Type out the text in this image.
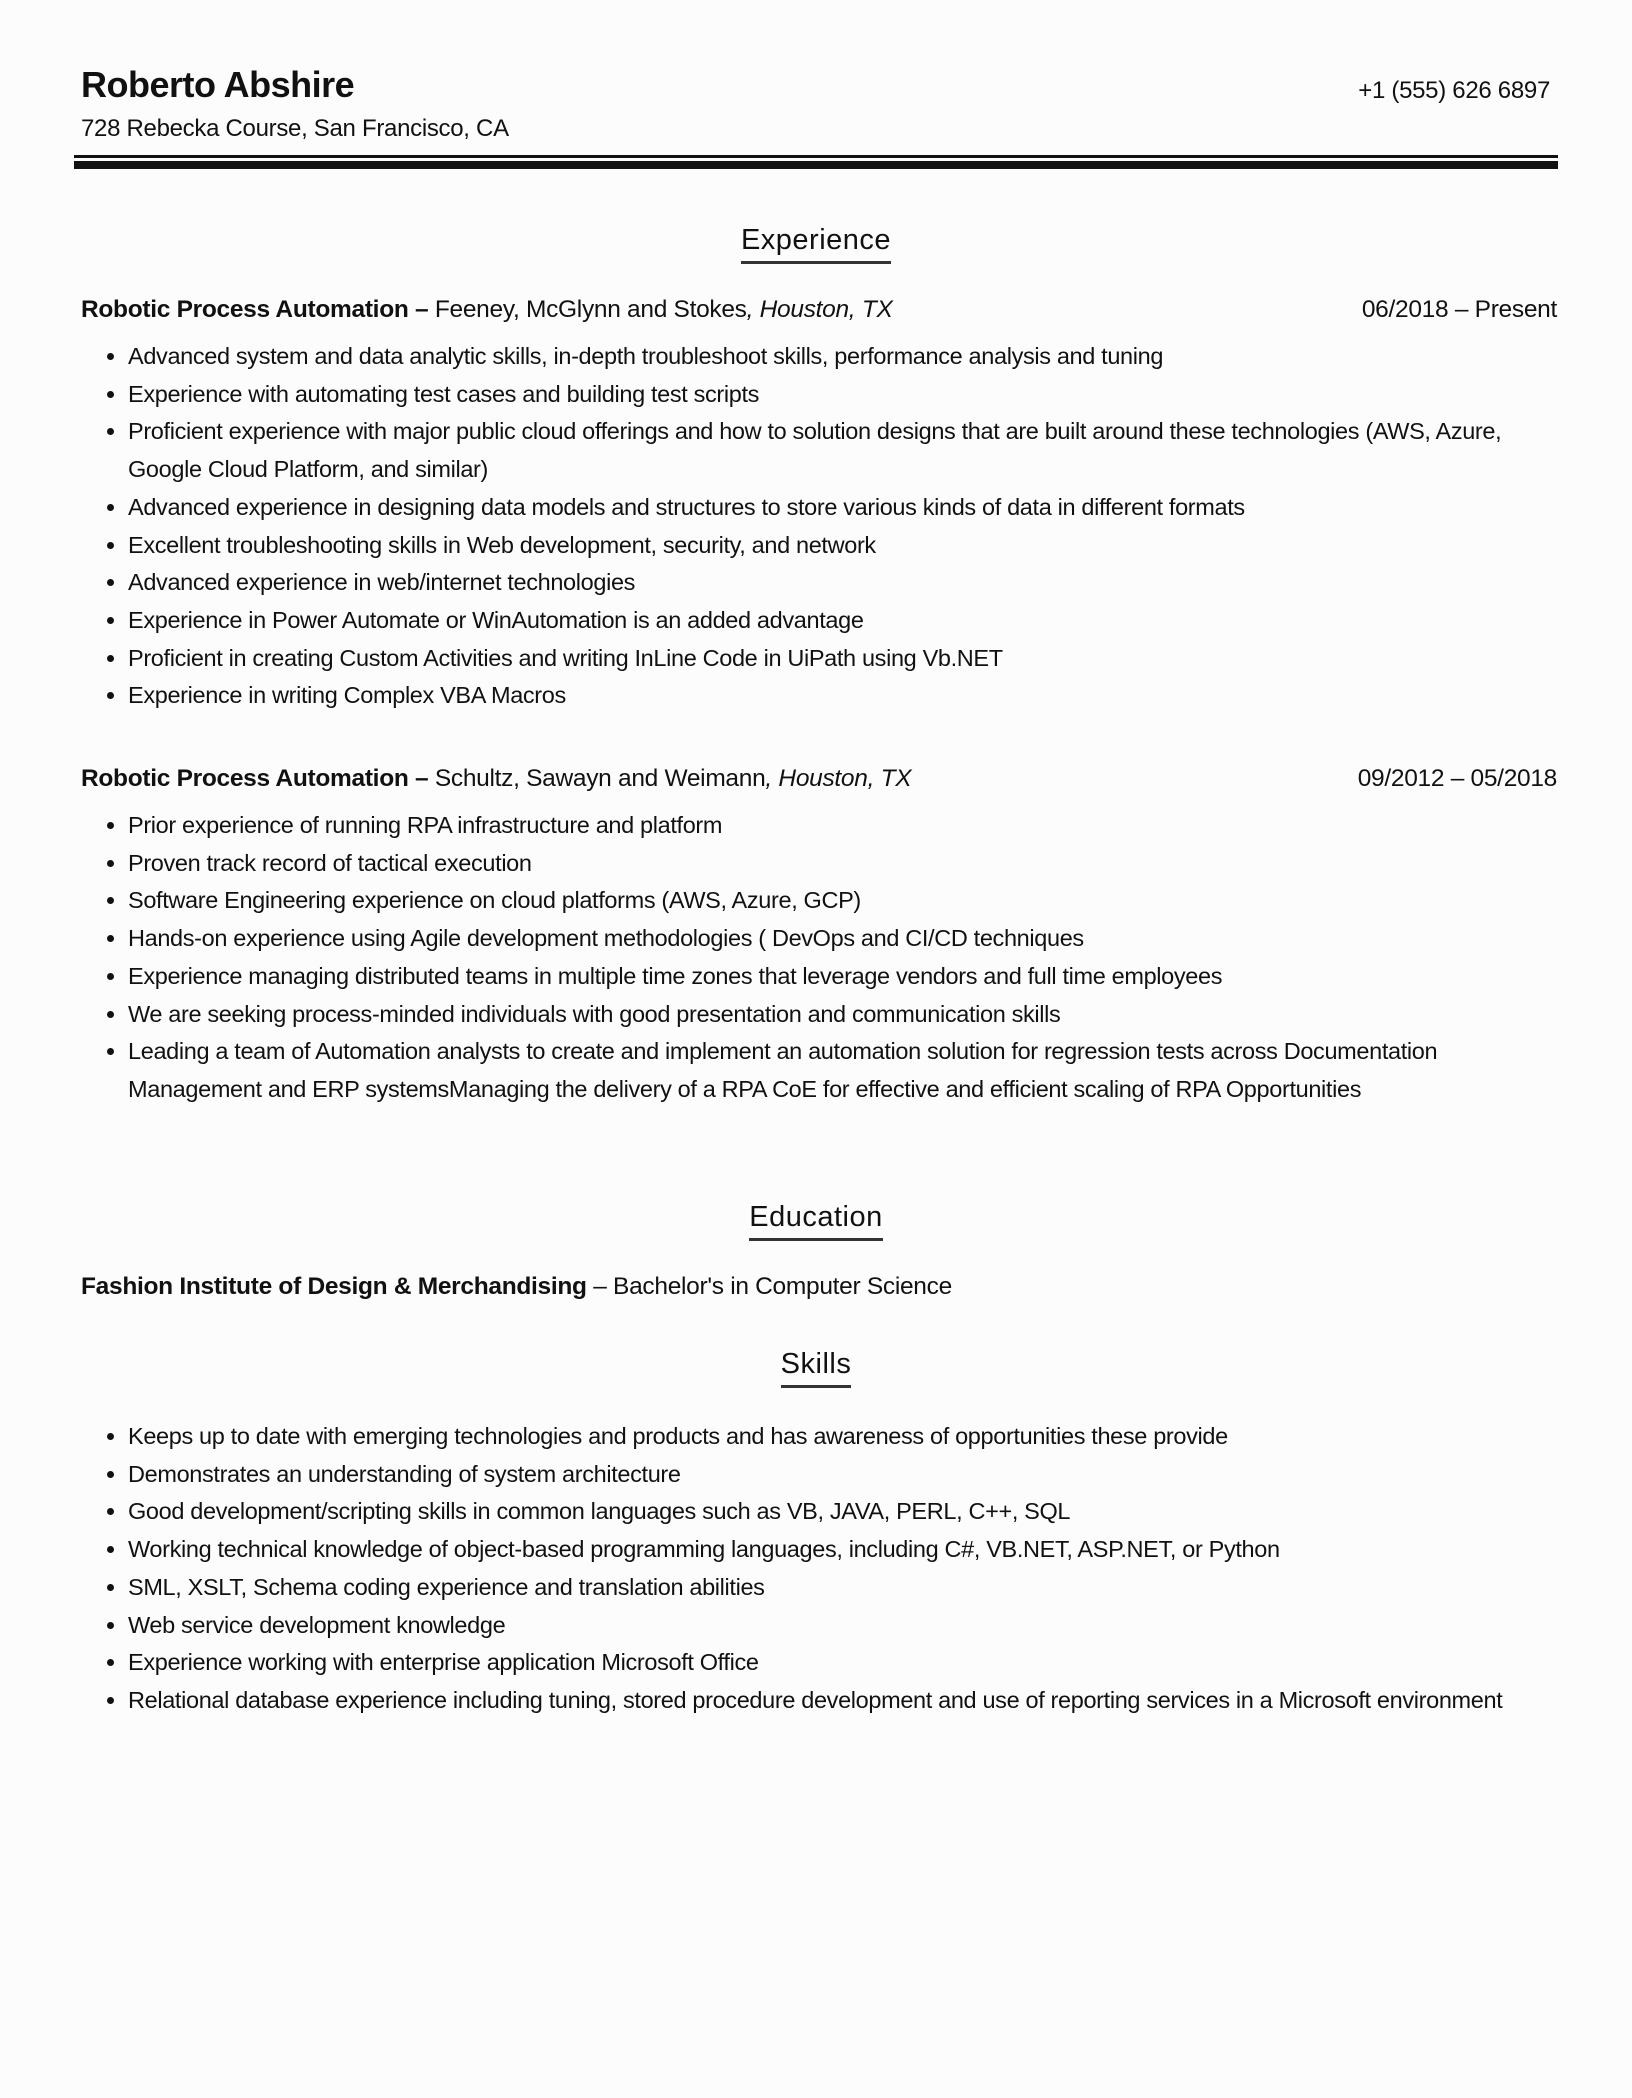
Roberto Abshire
728 Rebecka Course, San Francisco, CA
+1 (555) 626 6897
Experience
Robotic Process Automation – Feeney, McGlynn and Stokes, Houston, TX	06/2018 – Present
• Advanced system and data analytic skills, in-depth troubleshoot skills, performance analysis and tuning
• Experience with automating test cases and building test scripts
• Proficient experience with major public cloud offerings and how to solution designs that are built around these technologies (AWS, Azure, Google Cloud Platform, and similar)
• Advanced experience in designing data models and structures to store various kinds of data in different formats
• Excellent troubleshooting skills in Web development, security, and network
• Advanced experience in web/internet technologies
• Experience in Power Automate or WinAutomation is an added advantage
• Proficient in creating Custom Activities and writing InLine Code in UiPath using Vb.NET
• Experience in writing Complex VBA Macros
Robotic Process Automation – Schultz, Sawayn and Weimann, Houston, TX	09/2012 – 05/2018
• Prior experience of running RPA infrastructure and platform
• Proven track record of tactical execution
• Software Engineering experience on cloud platforms (AWS, Azure, GCP)
• Hands-on experience using Agile development methodologies ( DevOps and CI/CD techniques
• Experience managing distributed teams in multiple time zones that leverage vendors and full time employees
• We are seeking process-minded individuals with good presentation and communication skills
• Leading a team of Automation analysts to create and implement an automation solution for regression tests across Documentation Management and ERP systemsManaging the delivery of a RPA CoE for effective and efficient scaling of RPA Opportunities
Education
Fashion Institute of Design & Merchandising – Bachelor's in Computer Science
Skills
• Keeps up to date with emerging technologies and products and has awareness of opportunities these provide
• Demonstrates an understanding of system architecture
• Good development/scripting skills in common languages such as VB, JAVA, PERL, C++, SQL
• Working technical knowledge of object-based programming languages, including C#, VB.NET, ASP.NET, or Python
• SML, XSLT, Schema coding experience and translation abilities
• Web service development knowledge
• Experience working with enterprise application Microsoft Office
• Relational database experience including tuning, stored procedure development and use of reporting services in a Microsoft environment
